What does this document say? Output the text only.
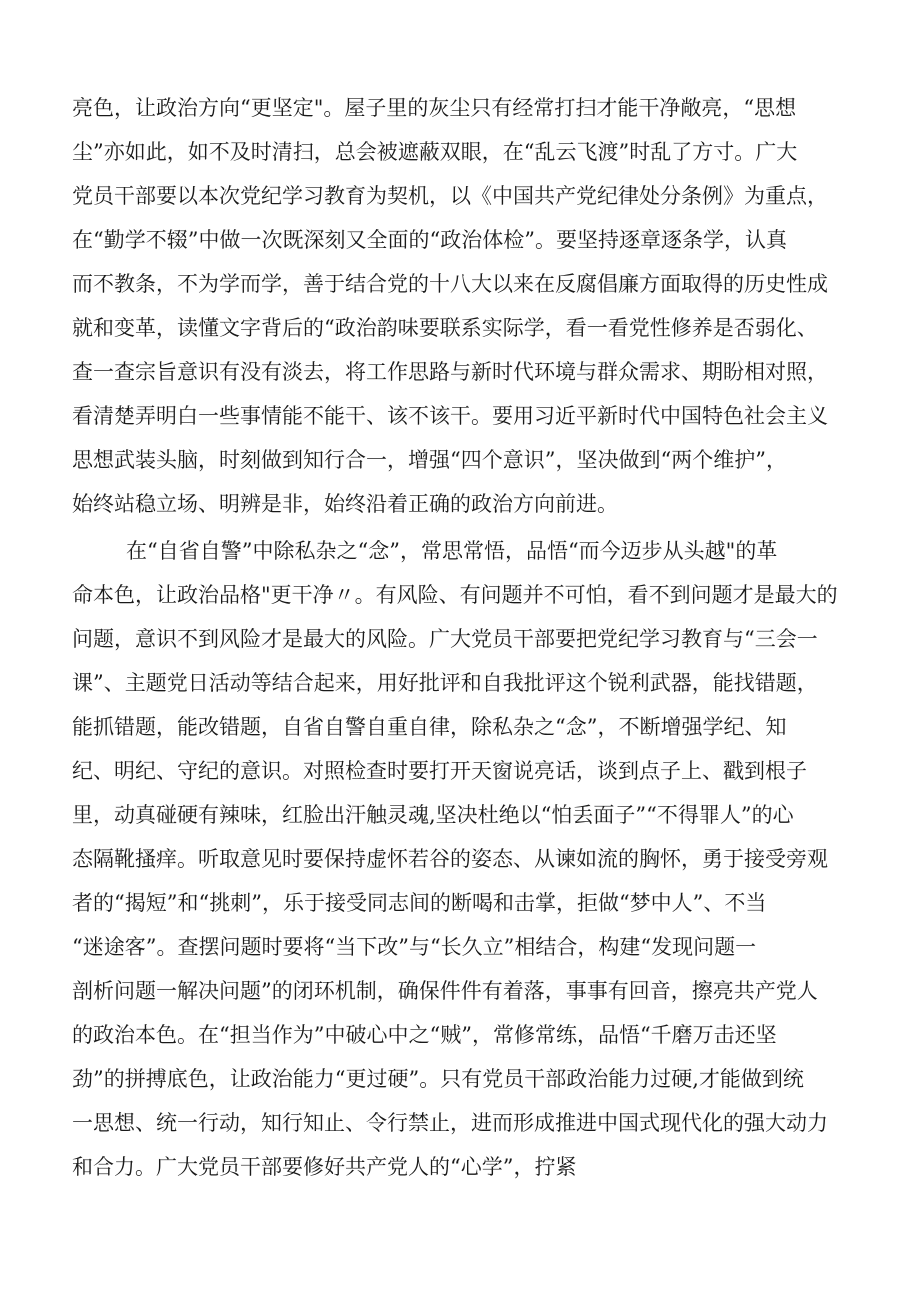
亮色，让政治方向“更坚定"。屋子里的灰尘只有经常打扫才能干净敞亮，“思想
尘”亦如此，如不及时清扫，总会被遮蔽双眼，在“乱云飞渡”时乱了方寸。广大
党员干部要以本次党纪学习教育为契机，以《中国共产党纪律处分条例》为重点，
在“勤学不辍”中做一次既深刻又全面的“政治体检”。要坚持逐章逐条学，认真
而不教条，不为学而学，善于结合党的十八大以来在反腐倡廉方面取得的历史性成
就和变革，读懂文字背后的“政治韵味要联系实际学，看一看党性修养是否弱化、
查一查宗旨意识有没有淡去，将工作思路与新时代环境与群众需求、期盼相对照，
看清楚弄明白一些事情能不能干、该不该干。要用习近平新时代中国特色社会主义
思想武装头脑，时刻做到知行合一，增强“四个意识”，坚决做到“两个维护”，
始终站稳立场、明辨是非，始终沿着正确的政治方向前进。
在“自省自警”中除私杂之“念”，常思常悟，品悟“而今迈步从头越"的革
命本色，让政治品格"更干净〃。有风险、有问题并不可怕，看不到问题才是最大的
问题，意识不到风险才是最大的风险。广大党员干部要把党纪学习教育与“三会一
课”、主题党日活动等结合起来，用好批评和自我批评这个锐利武器，能找错题，
能抓错题，能改错题，自省自警自重自律，除私杂之“念”，不断增强学纪、知
纪、明纪、守纪的意识。对照检查时要打开天窗说亮话，谈到点子上、戳到根子
里，动真碰硬有辣味，红脸出汗触灵魂,坚决杜绝以“怕丢面子”“不得罪人”的心
态隔靴搔痒。听取意见时要保持虚怀若谷的姿态、从谏如流的胸怀，勇于接受旁观
者的“揭短”和“挑刺”，乐于接受同志间的断喝和击掌，拒做“梦中人”、不当
“迷途客”。查摆问题时要将“当下改”与“长久立”相结合，构建“发现问题一
剖析问题一解决问题”的闭环机制，确保件件有着落，事事有回音，擦亮共产党人
的政治本色。在“担当作为”中破心中之“贼”，常修常练，品悟“千磨万击还坚
劲”的拼搏底色，让政治能力“更过硬”。只有党员干部政治能力过硬,才能做到统
一思想、统一行动，知行知止、令行禁止，进而形成推进中国式现代化的强大动力
和合力。广大党员干部要修好共产党人的“心学”，拧紧
